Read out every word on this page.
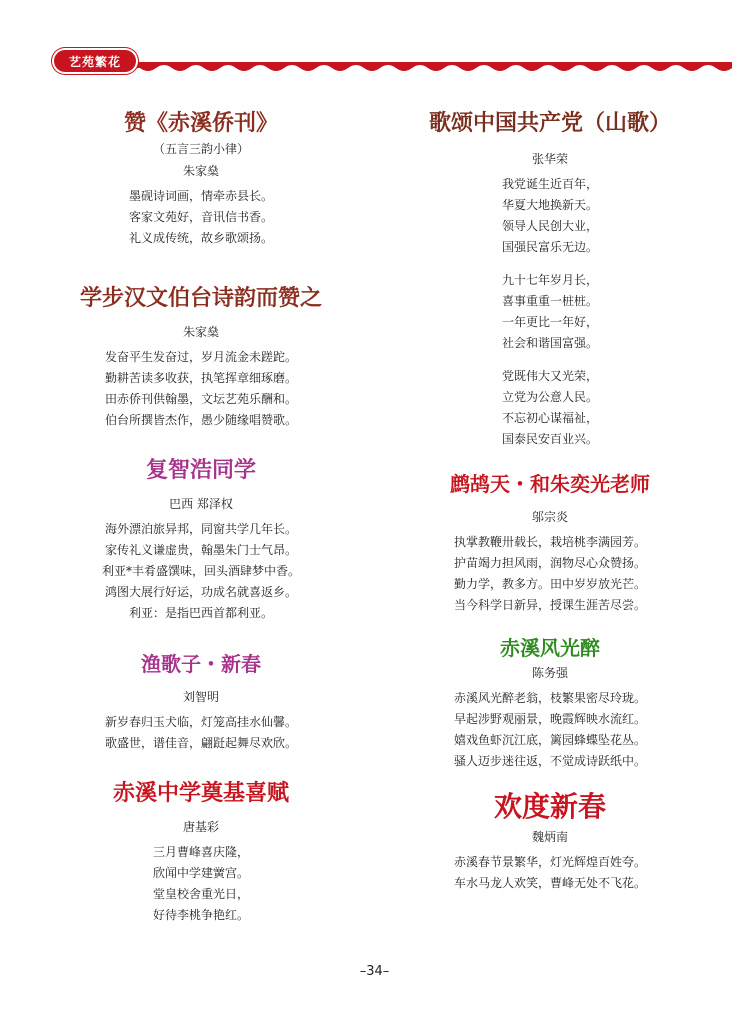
艺苑繁花
赞《赤溪侨刊》
（五言三韵小律）
朱家燊
墨砚诗词画，情牵赤县长。
客家文苑好，音讯信书香。
礼义成传统，故乡歌颂扬。
学步汉文伯台诗韵而赞之
朱家燊
发奋平生发奋过，岁月流金未蹉跎。
勤耕苦读多收获，执笔挥章细琢磨。
田赤侨刊供翰墨，文坛艺苑乐酬和。
伯台所撰皆杰作，愚少随缘唱赞歌。
复智浩同学
巴西 郑泽权
海外漂泊旅异邦，同窗共学几年长。
家传礼义谦虚贵，翰墨朱门士气昂。
利亚*丰肴盛馔味，回头酒肆梦中香。
鸿图大展行好运，功成名就喜返乡。
利亚：是指巴西首都利亚。
渔歌子・新春
刘智明
新岁春归玉犬临，灯笼高挂水仙馨。
歌盛世，谱佳音，翩跹起舞尽欢欣。
赤溪中学奠基喜赋
唐基彩
三月曹峰喜庆隆，
欣闻中学建黉宫。
堂皇校舍重光日，
好待李桃争艳红。
歌颂中国共产党（山歌）
张华荣
我党诞生近百年，
华夏大地换新天。
领导人民创大业，
国强民富乐无边。
九十七年岁月长，
喜事重重一桩桩。
一年更比一年好，
社会和谐国富强。
党既伟大又光荣，
立党为公意人民。
不忘初心谋福祉，
国泰民安百业兴。
鹧鸪天・和朱奕光老师
邬宗炎
执掌教鞭卅载长，栽培桃李满园芳。
护苗竭力担风雨，润物尽心众赞扬。
勤力学，教多方。田中岁岁放光芒。
当今科学日新异，授课生涯苦尽尝。
赤溪风光醉
陈务强
赤溪风光醉老翁，枝繁果密尽玲珑。
早起涉野观丽景，晚霞辉映水流红。
嬉戏鱼虾沉江底，篱园蜂蝶坠花丛。
骚人迈步迷往返，不觉成诗跃纸中。
欢度新春
魏炳南
赤溪春节景繁华，灯光辉煌百姓夸。
车水马龙人欢笑，曹峰无处不飞花。
–34–
